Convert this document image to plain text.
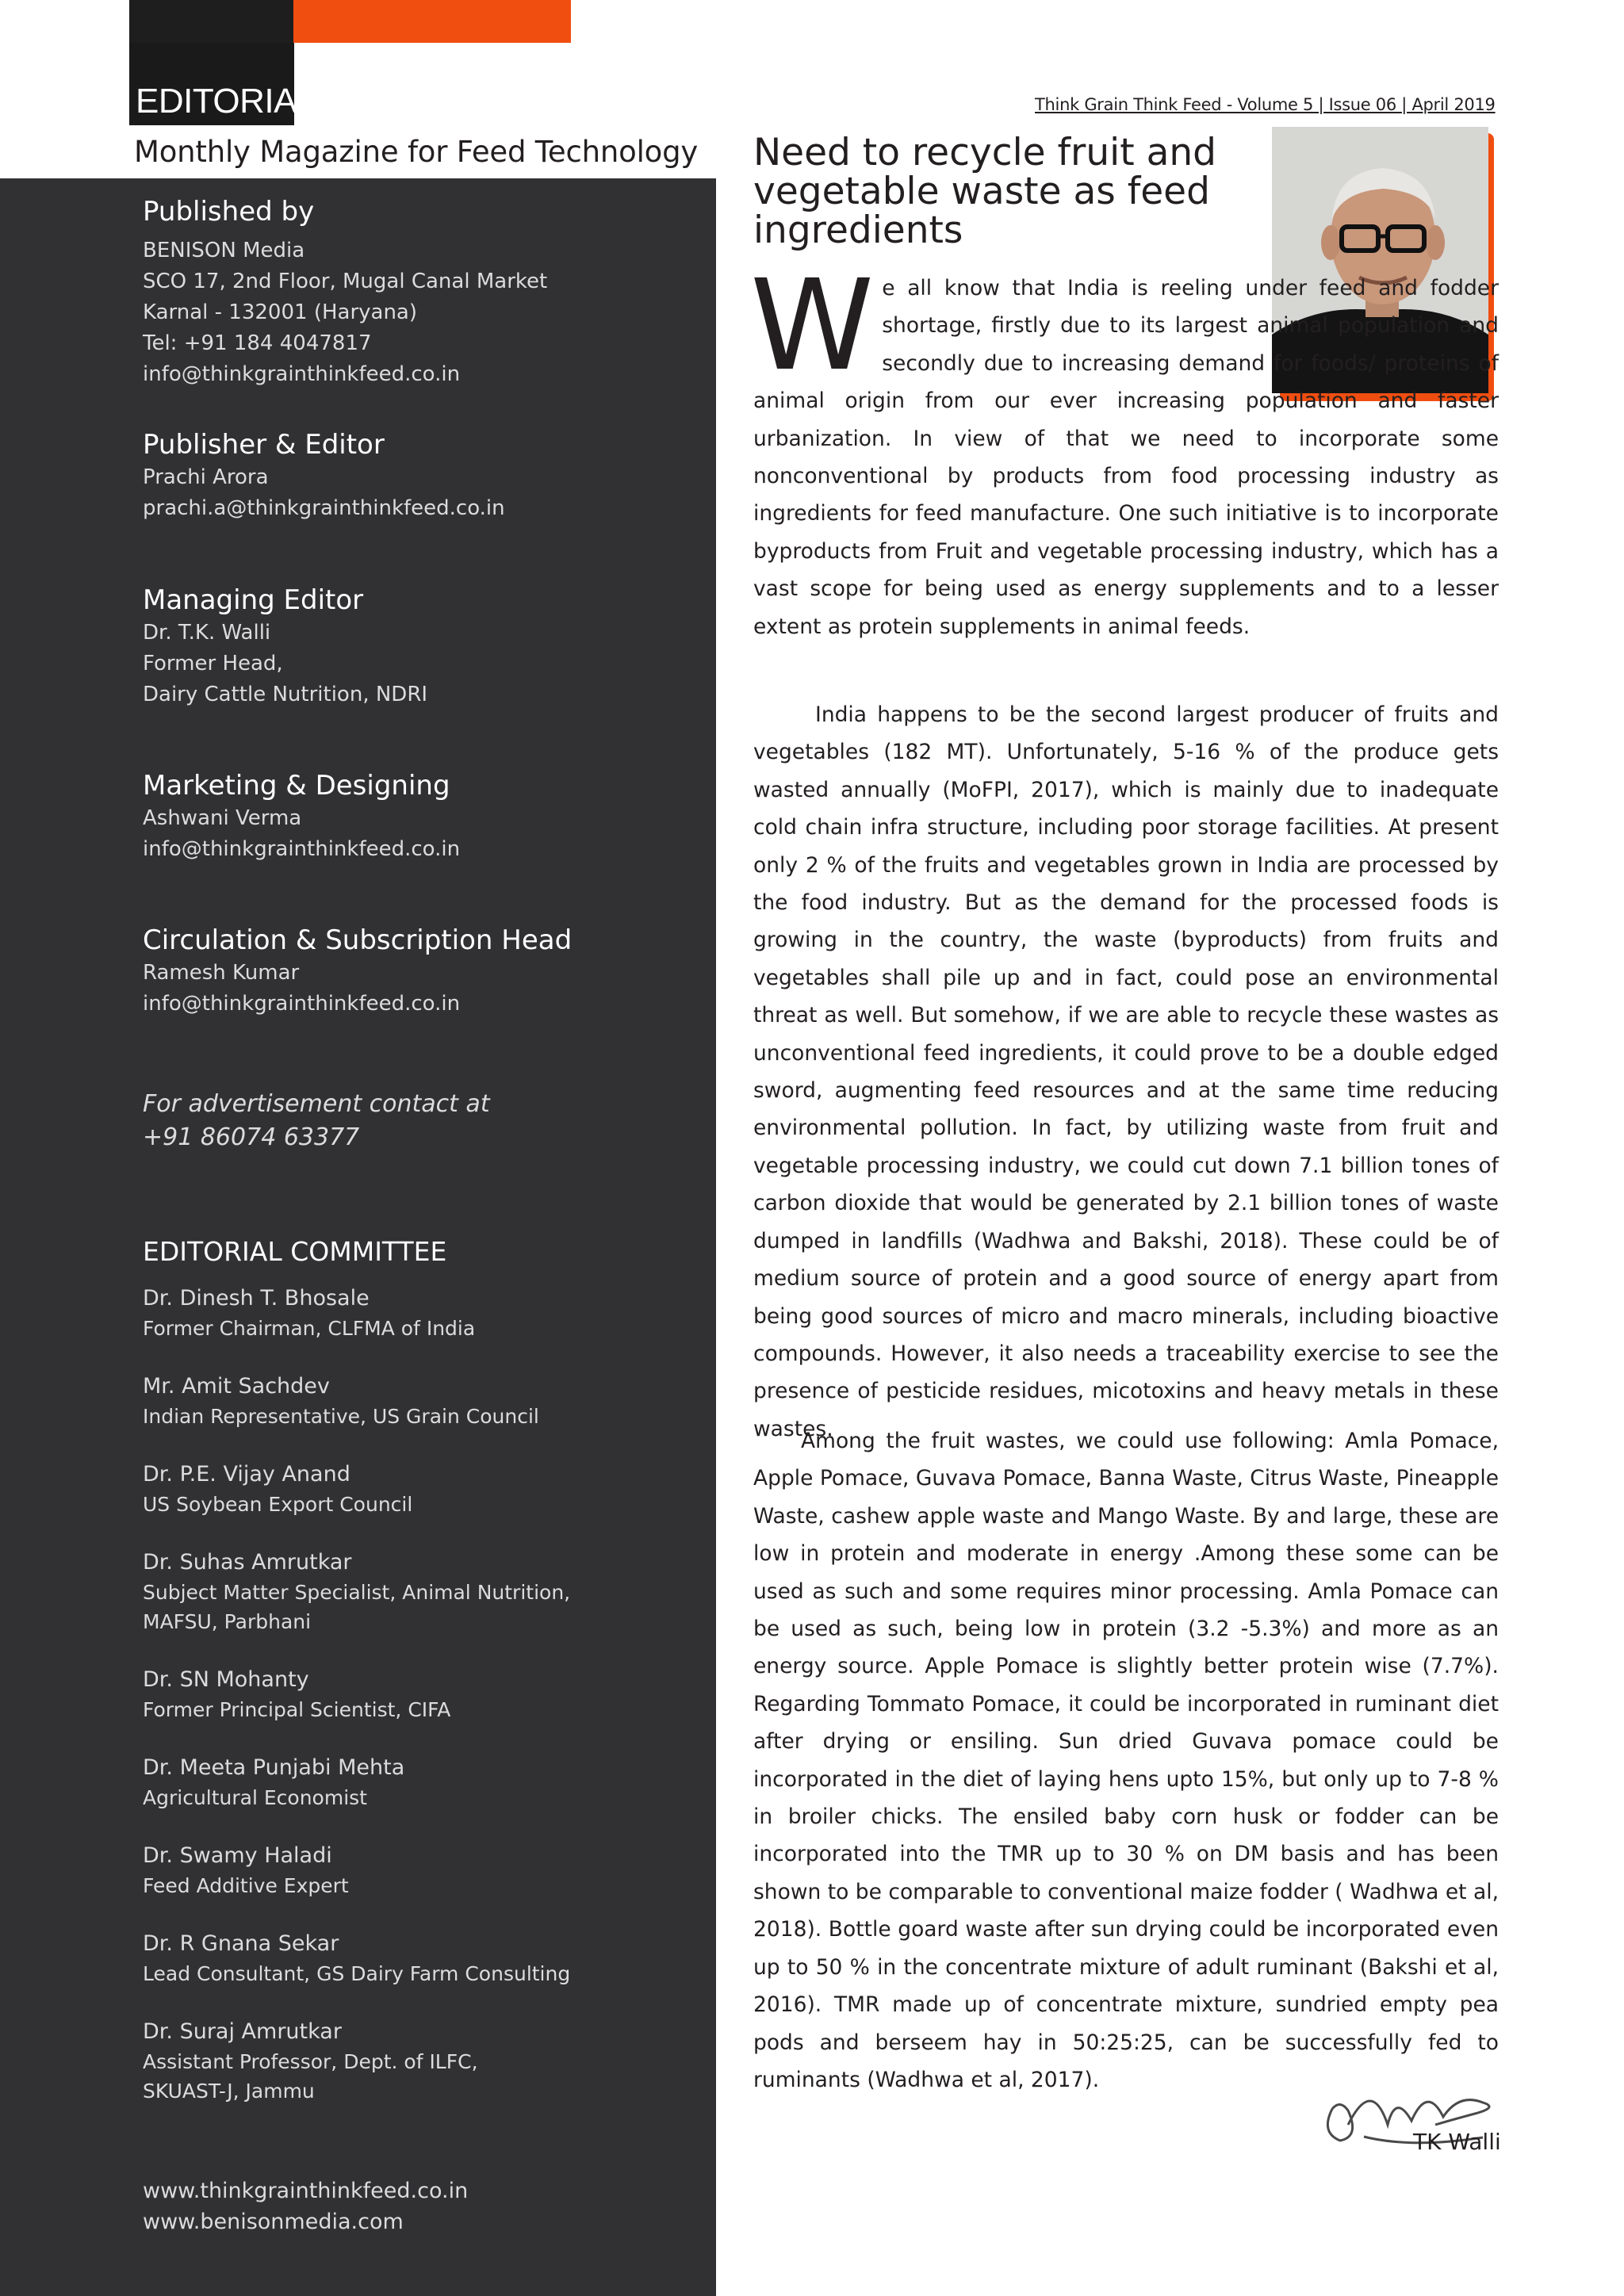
EDITORIAL	Think Grain Think Feed - Volume 5 | Issue 06 | April 2019
Monthly Magazine for Feed Technology
Published by
BENISON Media
SCO 17, 2nd Floor, Mugal Canal Market
Karnal - 132001 (Haryana)
Tel: +91 184 4047817
info@thinkgrainthinkfeed.co.in
Publisher & Editor
Prachi Arora
prachi.a@thinkgrainthinkfeed.co.in
Managing Editor
Dr. T.K. Walli
Former Head,
Dairy Cattle Nutrition, NDRI
Marketing & Designing
Ashwani Verma
info@thinkgrainthinkfeed.co.in
Circulation & Subscription Head
Ramesh Kumar
info@thinkgrainthinkfeed.co.in
For advertisement contact at
+91 86074 63377
EDITORIAL COMMITTEE
Dr. Dinesh T. Bhosale
Former Chairman, CLFMA of India
Mr. Amit Sachdev
Indian Representative, US Grain Council
Dr. P.E. Vijay Anand
US Soybean Export Council
Dr. Suhas Amrutkar
Subject Matter Specialist, Animal Nutrition,
MAFSU, Parbhani
Dr. SN Mohanty
Former Principal Scientist, CIFA
Dr. Meeta Punjabi Mehta
Agricultural Economist
Dr. Swamy Haladi
Feed Additive Expert
Dr. R Gnana Sekar
Lead Consultant, GS Dairy Farm Consulting
Dr. Suraj Amrutkar
Assistant Professor, Dept. of ILFC,
SKUAST-J, Jammu
www.thinkgrainthinkfeed.co.in
www.benisonmedia.com
Need to recycle fruit and vegetable waste as feed ingredients
We all know that India is reeling under feed and fodder shortage, firstly due to its largest animal population and secondly due to increasing demand for foods/ proteins of animal origin from our ever increasing population and faster urbanization. In view of that we need to incorporate some nonconventional by products from food processing industry as ingredients for feed manufacture. One such initiative is to incorporate byproducts from Fruit and vegetable processing industry, which has a vast scope for being used as energy supplements and to a lesser extent as protein supplements in animal feeds.
India happens to be the second largest producer of fruits and vegetables (182 MT). Unfortunately, 5-16 % of the produce gets wasted annually (MoFPI, 2017), which is mainly due to inadequate cold chain infra structure, including poor storage facilities. At present only 2 % of the fruits and vegetables grown in India are processed by the food industry. But as the demand for the processed foods is growing in the country, the waste (byproducts) from fruits and vegetables shall pile up and in fact, could pose an environmental threat as well. But somehow, if we are able to recycle these wastes as unconventional feed ingredients, it could prove to be a double edged sword, augmenting feed resources and at the same time reducing environmental pollution. In fact, by utilizing waste from fruit and vegetable processing industry, we could cut down 7.1 billion tones of carbon dioxide that would be generated by 2.1 billion tones of waste dumped in landfills (Wadhwa and Bakshi, 2018). These could be of medium source of protein and a good source of energy apart from being good sources of micro and macro minerals, including bioactive compounds. However, it also needs a traceability exercise to see the presence of pesticide residues, micotoxins and heavy metals in these wastes.
Among the fruit wastes, we could use following: Amla Pomace, Apple Pomace, Guvava Pomace, Banna Waste, Citrus Waste, Pineapple Waste, cashew apple waste and Mango Waste. By and large, these are low in protein and moderate in energy .Among these some can be used as such and some requires minor processing. Amla Pomace can be used as such, being low in protein (3.2 -5.3%) and more as an energy source. Apple Pomace is slightly better protein wise (7.7%). Regarding Tommato Pomace, it could be incorporated in ruminant diet after drying or ensiling. Sun dried Guvava pomace could be incorporated in the diet of laying hens upto 15%, but only up to 7-8 % in broiler chicks. The ensiled baby corn husk or fodder can be incorporated into the TMR up to 30 % on DM basis and has been shown to be comparable to conventional maize fodder ( Wadhwa et al, 2018). Bottle goard waste after sun drying could be incorporated even up to 50 % in the concentrate mixture of adult ruminant (Bakshi et al, 2016). TMR made up of concentrate mixture, sundried empty pea pods and berseem hay in 50:25:25, can be successfully fed to ruminants (Wadhwa et al, 2017).
TK Walli
